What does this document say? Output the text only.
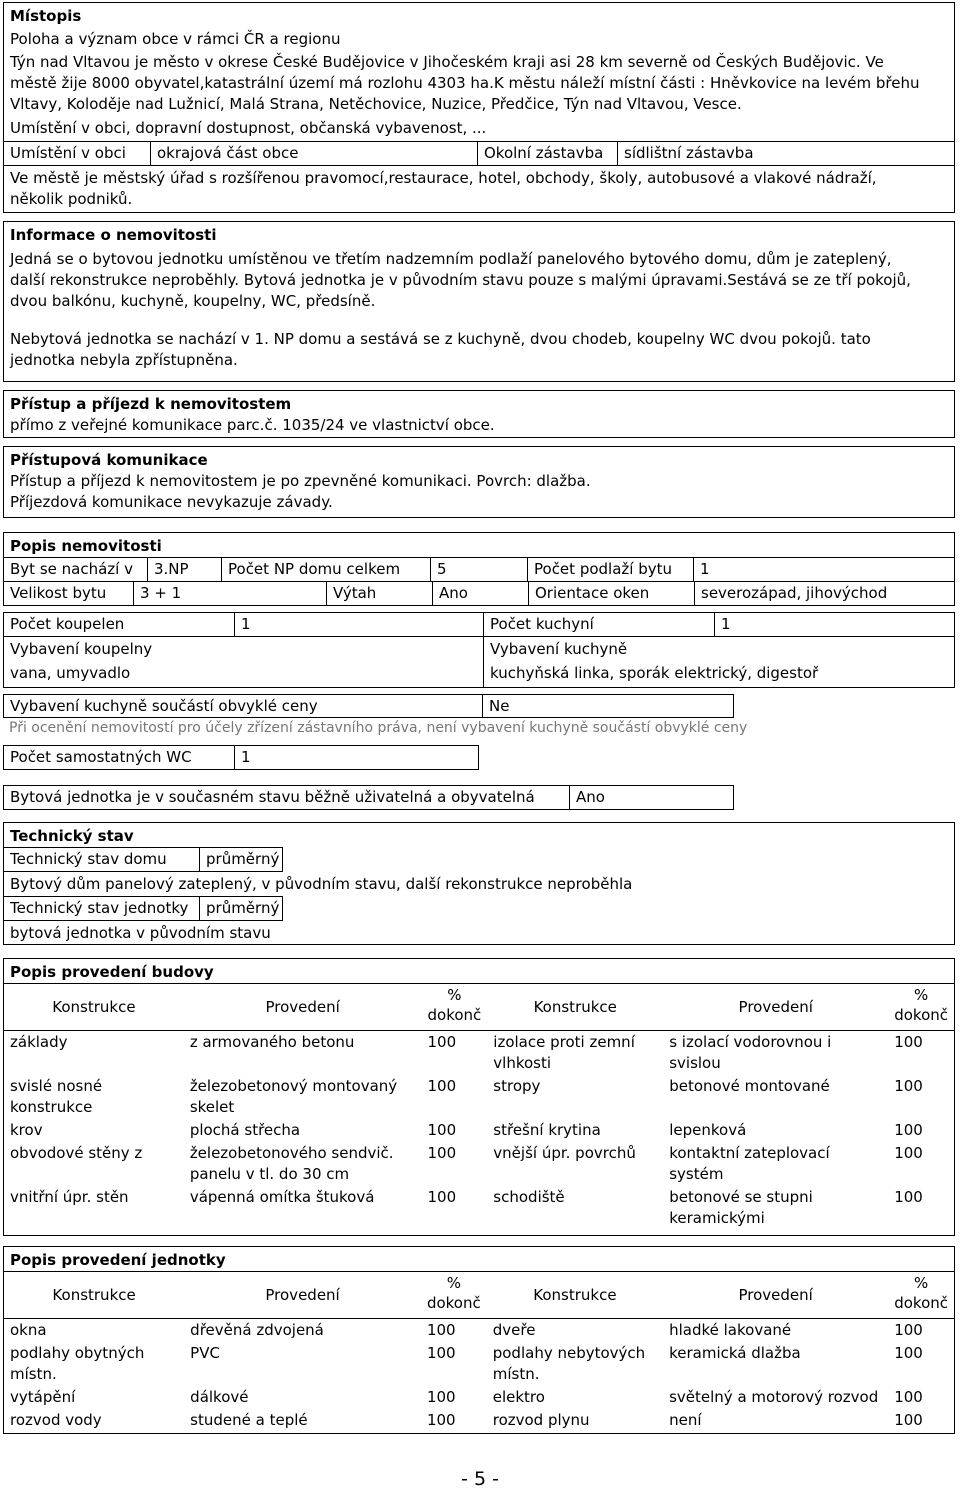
Místopis
Poloha a význam obce v rámci ČR a regionu
Týn nad Vltavou je město v okrese České Budějovice v Jihočeském kraji asi 28 km severně od Českých Budějovic. Ve
městě žije 8000 obyvatel,katastrální území má rozlohu 4303 ha.K městu náleží místní části : Hněvkovice na levém břehu
Vltavy, Koloděje nad Lužnicí, Malá Strana, Netěchovice, Nuzice, Předčice, Týn nad Vltavou, Vesce.
Umístění v obci, dopravní dostupnost, občanská vybavenost, ...
Umístění v obci	okrajová část obce	Okolní zástavba	sídlištní zástavba
Ve městě je městský úřad s rozšířenou pravomocí,restaurace, hotel, obchody, školy, autobusové a vlakové nádraží,
několik podniků.
Informace o nemovitosti
Jedná se o bytovou jednotku umístěnou ve třetím nadzemním podlaží panelového bytového domu, dům je zateplený,
další rekonstrukce neproběhly. Bytová jednotka je v původním stavu pouze s malými úpravami.Sestává se ze tří pokojů,
dvou balkónu, kuchyně, koupelny, WC, předsíně.
Nebytová jednotka se nachází v 1. NP domu a sestává se z kuchyně, dvou chodeb, koupelny WC dvou pokojů. tato
jednotka nebyla zpřístupněna.
Přístup a příjezd k nemovitostem
přímo z veřejné komunikace parc.č. 1035/24 ve vlastnictví obce.
Přístupová komunikace
Přístup a příjezd k nemovitostem je po zpevněné komunikaci. Povrch: dlažba.
Příjezdová komunikace nevykazuje závady.
Popis nemovitosti
Byt se nachází v	3.NP	Počet NP domu celkem	5	Počet podlaží bytu	1
Velikost bytu	3 + 1	Výtah	Ano	Orientace oken	severozápad, jihovýchod
Počet koupelen	1
Vybavení koupelny
vana, umyvadlo
Počet kuchyní	1
Vybavení kuchyně
kuchyňská linka, sporák elektrický, digestoř
Vybavení kuchyně součástí obvyklé ceny	Ne
Při ocenění nemovitostí pro účely zřízení zástavního práva, není vybavení kuchyně součástí obvyklé ceny
Počet samostatných WC	1
Bytová jednotka je v současném stavu běžně uživatelná a obyvatelná	Ano
Technický stav
Technický stav domu	průměrný
Bytový dům panelový zateplený, v původním stavu, další rekonstrukce neproběhla
Technický stav jednotky	průměrný
bytová jednotka v původním stavu
Popis provedení budovy
Konstrukce	Provedení	% dokonč	Konstrukce	Provedení	% dokonč
základy	z armovaného betonu	100	izolace proti zemní vlhkosti	s izolací vodorovnou i svislou	100
svislé nosné konstrukce	železobetonový montovaný skelet	100	stropy	betonové montované	100
krov	plochá střecha	100	střešní krytina	lepenková	100
obvodové stěny z	železobetonového sendvič. panelu v tl. do 30 cm	100	vnější úpr. povrchů	kontaktní zateplovací systém	100
vnitřní úpr. stěn	vápenná omítka štuková	100	schodiště	betonové se stupni keramickými	100
Popis provedení jednotky
Konstrukce	Provedení	% dokonč	Konstrukce	Provedení	% dokonč
okna	dřevěná zdvojená	100	dveře	hladké lakované	100
podlahy obytných místn.	PVC	100	podlahy nebytových místn.	keramická dlažba	100
vytápění	dálkové	100	elektro	světelný a motorový rozvod	100
rozvod vody	studené a teplé	100	rozvod plynu	není	100
- 5 -
